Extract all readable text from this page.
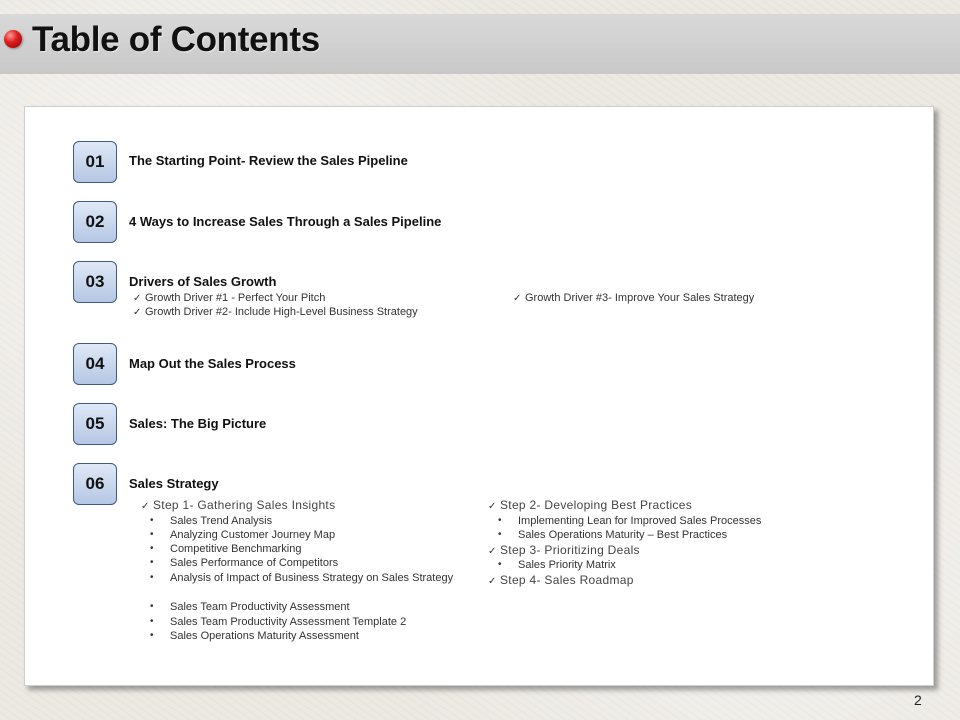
Table of Contents
01	The Starting Point- Review the Sales Pipeline

02	4 Ways to Increase Sales Through a Sales Pipeline

03	Drivers of Sales Growth

✓ Growth Driver #1 - Perfect Your Pitch

✓ Growth Driver #2- Include High-Level Business Strategy

✓ Growth Driver #3- Improve Your Sales Strategy

04	Map Out the Sales Process

05	Sales: The Big Picture

06	Sales Strategy

✓ Step 1- Gathering Sales Insights

• Sales Trend Analysis

• Analyzing Customer Journey Map

• Competitive Benchmarking

• Sales Performance of Competitors

• Analysis of Impact of Business Strategy on Sales Strategy

• Sales Team Productivity Assessment

• Sales Team Productivity Assessment Template 2

• Sales Operations Maturity Assessment

✓ Step 2- Developing Best Practices

• Implementing Lean for Improved Sales Processes

• Sales Operations Maturity – Best Practices

✓ Step 3- Prioritizing Deals

• Sales Priority Matrix

✓ Step 4- Sales Roadmap

2
